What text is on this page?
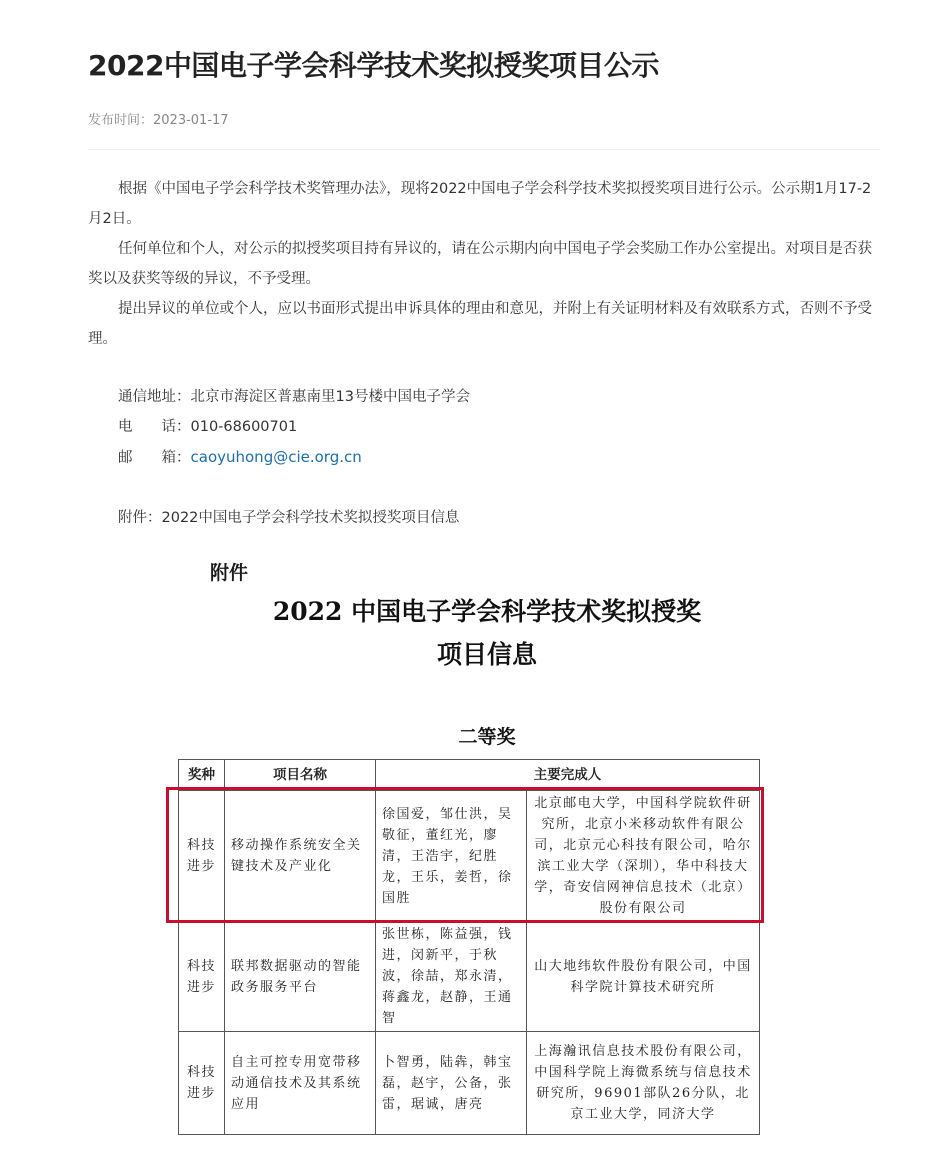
2022中国电子学会科学技术奖拟授奖项目公示
发布时间：2023-01-17

根据《中国电子学会科学技术奖管理办法》，现将2022中国电子学会科学技术奖拟授奖项目进行公示。公示期1月17-2月2日。

任何单位和个人，对公示的拟授奖项目持有异议的，请在公示期内向中国电子学会奖励工作办公室提出。对项目是否获奖以及获奖等级的异议，不予受理。

提出异议的单位或个人，应以书面形式提出申诉具体的理由和意见，并附上有关证明材料及有效联系方式，否则不予受理。

通信地址：北京市海淀区普惠南里13号楼中国电子学会
电　　话：010-68600701
邮　　箱：caoyuhong@cie.org.cn
附件：2022中国电子学会科学技术奖拟授奖项目信息
附件
2022 中国电子学会科学技术奖拟授奖
项目信息
二等奖
奖种	项目名称	主要完成人	
科技进步	移动操作系统安全关键技术及产业化	徐国爱，邹仕洪，吴敬征，董红光，廖清，王浩宇，纪胜龙，王乐，姜哲，徐国胜	北京邮电大学，中国科学院软件研究所，北京小米移动软件有限公司，北京元心科技有限公司，哈尔滨工业大学（深圳），华中科技大学，奇安信网神信息技术（北京）股份有限公司
科技进步	联邦数据驱动的智能政务服务平台	张世栋，陈益强，钱进，闵新平，于秋波，徐喆，郑永清，蒋鑫龙，赵静，王通智	山大地纬软件股份有限公司，中国科学院计算技术研究所
科技进步	自主可控专用宽带移动通信技术及其系统应用	卜智勇，陆犇，韩宝磊，赵宇，公备，张雷，琚诚，唐亮	上海瀚讯信息技术股份有限公司，中国科学院上海微系统与信息技术研究所，96901部队26分队，北京工业大学，同济大学
